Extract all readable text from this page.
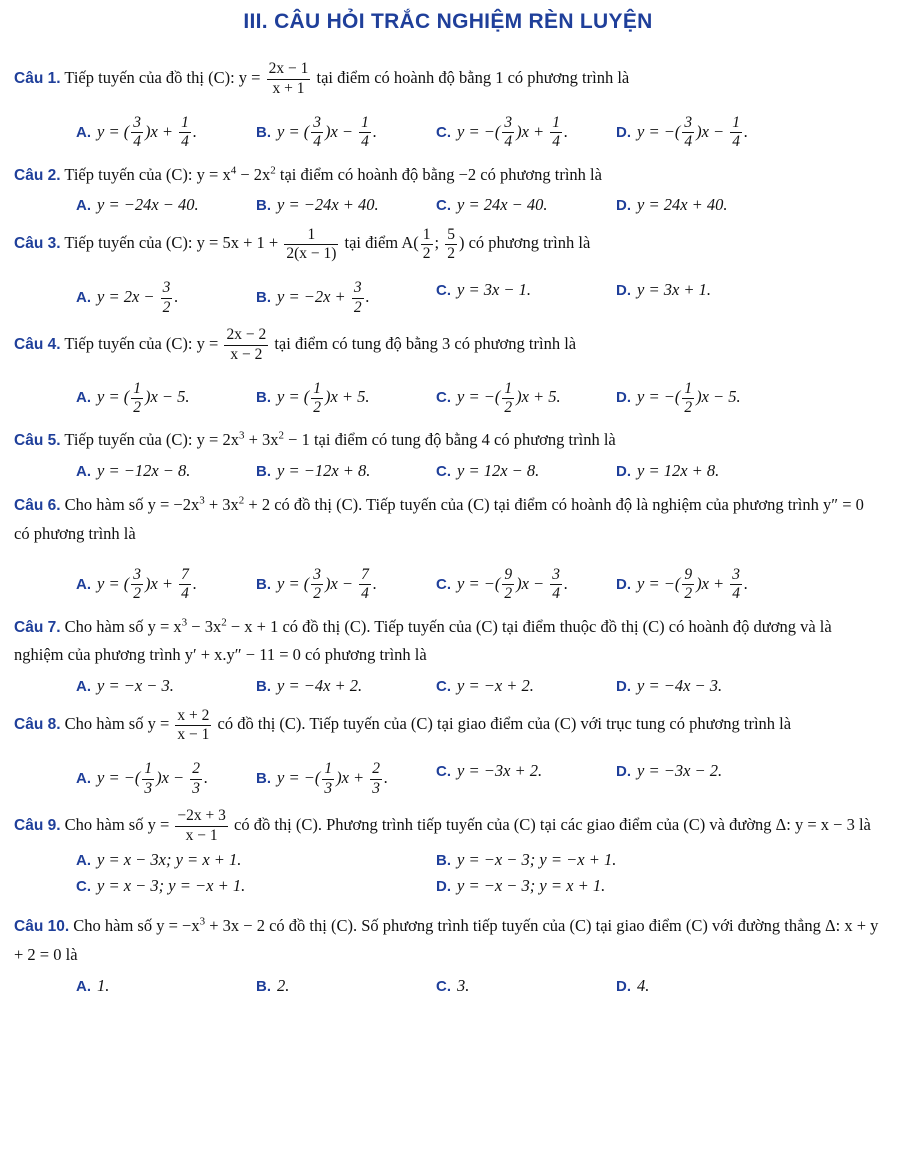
III. CÂU HỎI TRẮC NGHIỆM RÈN LUYỆN
Câu 1. Tiếp tuyến của đồ thị (C): $y = \frac{2x - 1}{x + 1}$ tại điểm có hoành độ bằng 1 có phương trình là
A. y = ( $\frac{3}{4} )x + \frac{1}{4}$ .	B. y = ( $\frac{3}{4} )x - \frac{1}{4}$ .	C. y = −( $\frac{3}{4} )x + \frac{1}{4}$ .	D. y = −( $\frac{3}{4} )x - \frac{1}{4}$ .
Câu 2. Tiếp tuyến của (C): $y = x^4 - 2x^2$ tại điểm có hoành độ bằng −2 có phương trình là
A. y = −24x − 40.	B. y = −24x + 40.	C. y = 24x − 40.	D. y = 24x + 40.
Câu 3. Tiếp tuyến của (C): $y = 5x + 1 + \frac{1}{2(x - 1)}$ tại điểm $A( \frac{1}{2}$ ; $\frac{5}{2}$ ) có phương trình là
A. $y = 2x - \frac{3}{2}$ .	B. $y = -2x + \frac{3}{2}$ .	C. y = 3x − 1.	D. y = 3x + 1.
Câu 4. Tiếp tuyến của (C): $y = \frac{2x - 2}{x - 2}$ tại điểm có tung độ bằng 3 có phương trình là
A. y = ( $\frac{1}{2} )x - 5$.	B. y = ( $\frac{1}{2} )x + 5$.	C. y = −( $\frac{1}{2} )x + 5$.	D. y = −( $\frac{1}{2} )x - 5$.
Câu 5. Tiếp tuyến của (C): $y = 2x^3 + 3x^2 - 1$ tại điểm có tung độ bằng 4 có phương trình là
A. y = −12x − 8.	B. y = −12x + 8.	C. y = 12x − 8.	D. y = 12x + 8.
Câu 6. Cho hàm số $y = -2x^3 + 3x^2 + 2$ có đồ thị (C). Tiếp tuyến của (C) tại điểm có hoành độ là nghiệm của phương trình y″ = 0 có phương trình là
A. y = ( $\frac{3}{2} )x + \frac{7}{4}$ .	B. y = ( $\frac{3}{2} )x - \frac{7}{4}$ .	C. y = −( $\frac{9}{2} )x - \frac{3}{4}$ .	D. y = −( $\frac{9}{2} )x + \frac{3}{4}$ .
Câu 7. Cho hàm số $y = x^3 - 3x^2 - x + 1$ có đồ thị (C). Tiếp tuyến của (C) tại điểm thuộc đồ thị (C) có hoành độ dương và là nghiệm của phương trình y′ + x.y″ − 11 = 0 có phương trình là
A. y = −x − 3.	B. y = −4x + 2.	C. y = −x + 2.	D. y = −4x − 3.
Câu 8. Cho hàm số $y = \frac{x + 2}{x - 1}$ có đồ thị (C). Tiếp tuyến của (C) tại giao điểm của (C) với trục tung có phương trình là
A. y = −( $\frac{1}{3} )x - \frac{2}{3}$ .	B. y = −( $\frac{1}{3} )x + \frac{2}{3}$ .	C. y = −3x + 2.	D. y = −3x − 2.
Câu 9. Cho hàm số $y = \frac{-2x + 3}{x - 1}$ có đồ thị (C). Phương trình tiếp tuyến của (C) tại các giao điểm của (C) và đường Δ: y = x − 3 là
A. y = x − 3x; y = x + 1.	B. y = −x − 3; y = −x + 1.
C. y = x − 3; y = −x + 1.	D. y = −x − 3; y = x + 1.
Câu 10. Cho hàm số $y = -x^3 + 3x - 2$ có đồ thị (C). Số phương trình tiếp tuyến của (C) tại giao điểm (C) với đường thẳng Δ: x + y + 2 = 0 là
A. 1.	B. 2.	C. 3.	D. 4.
